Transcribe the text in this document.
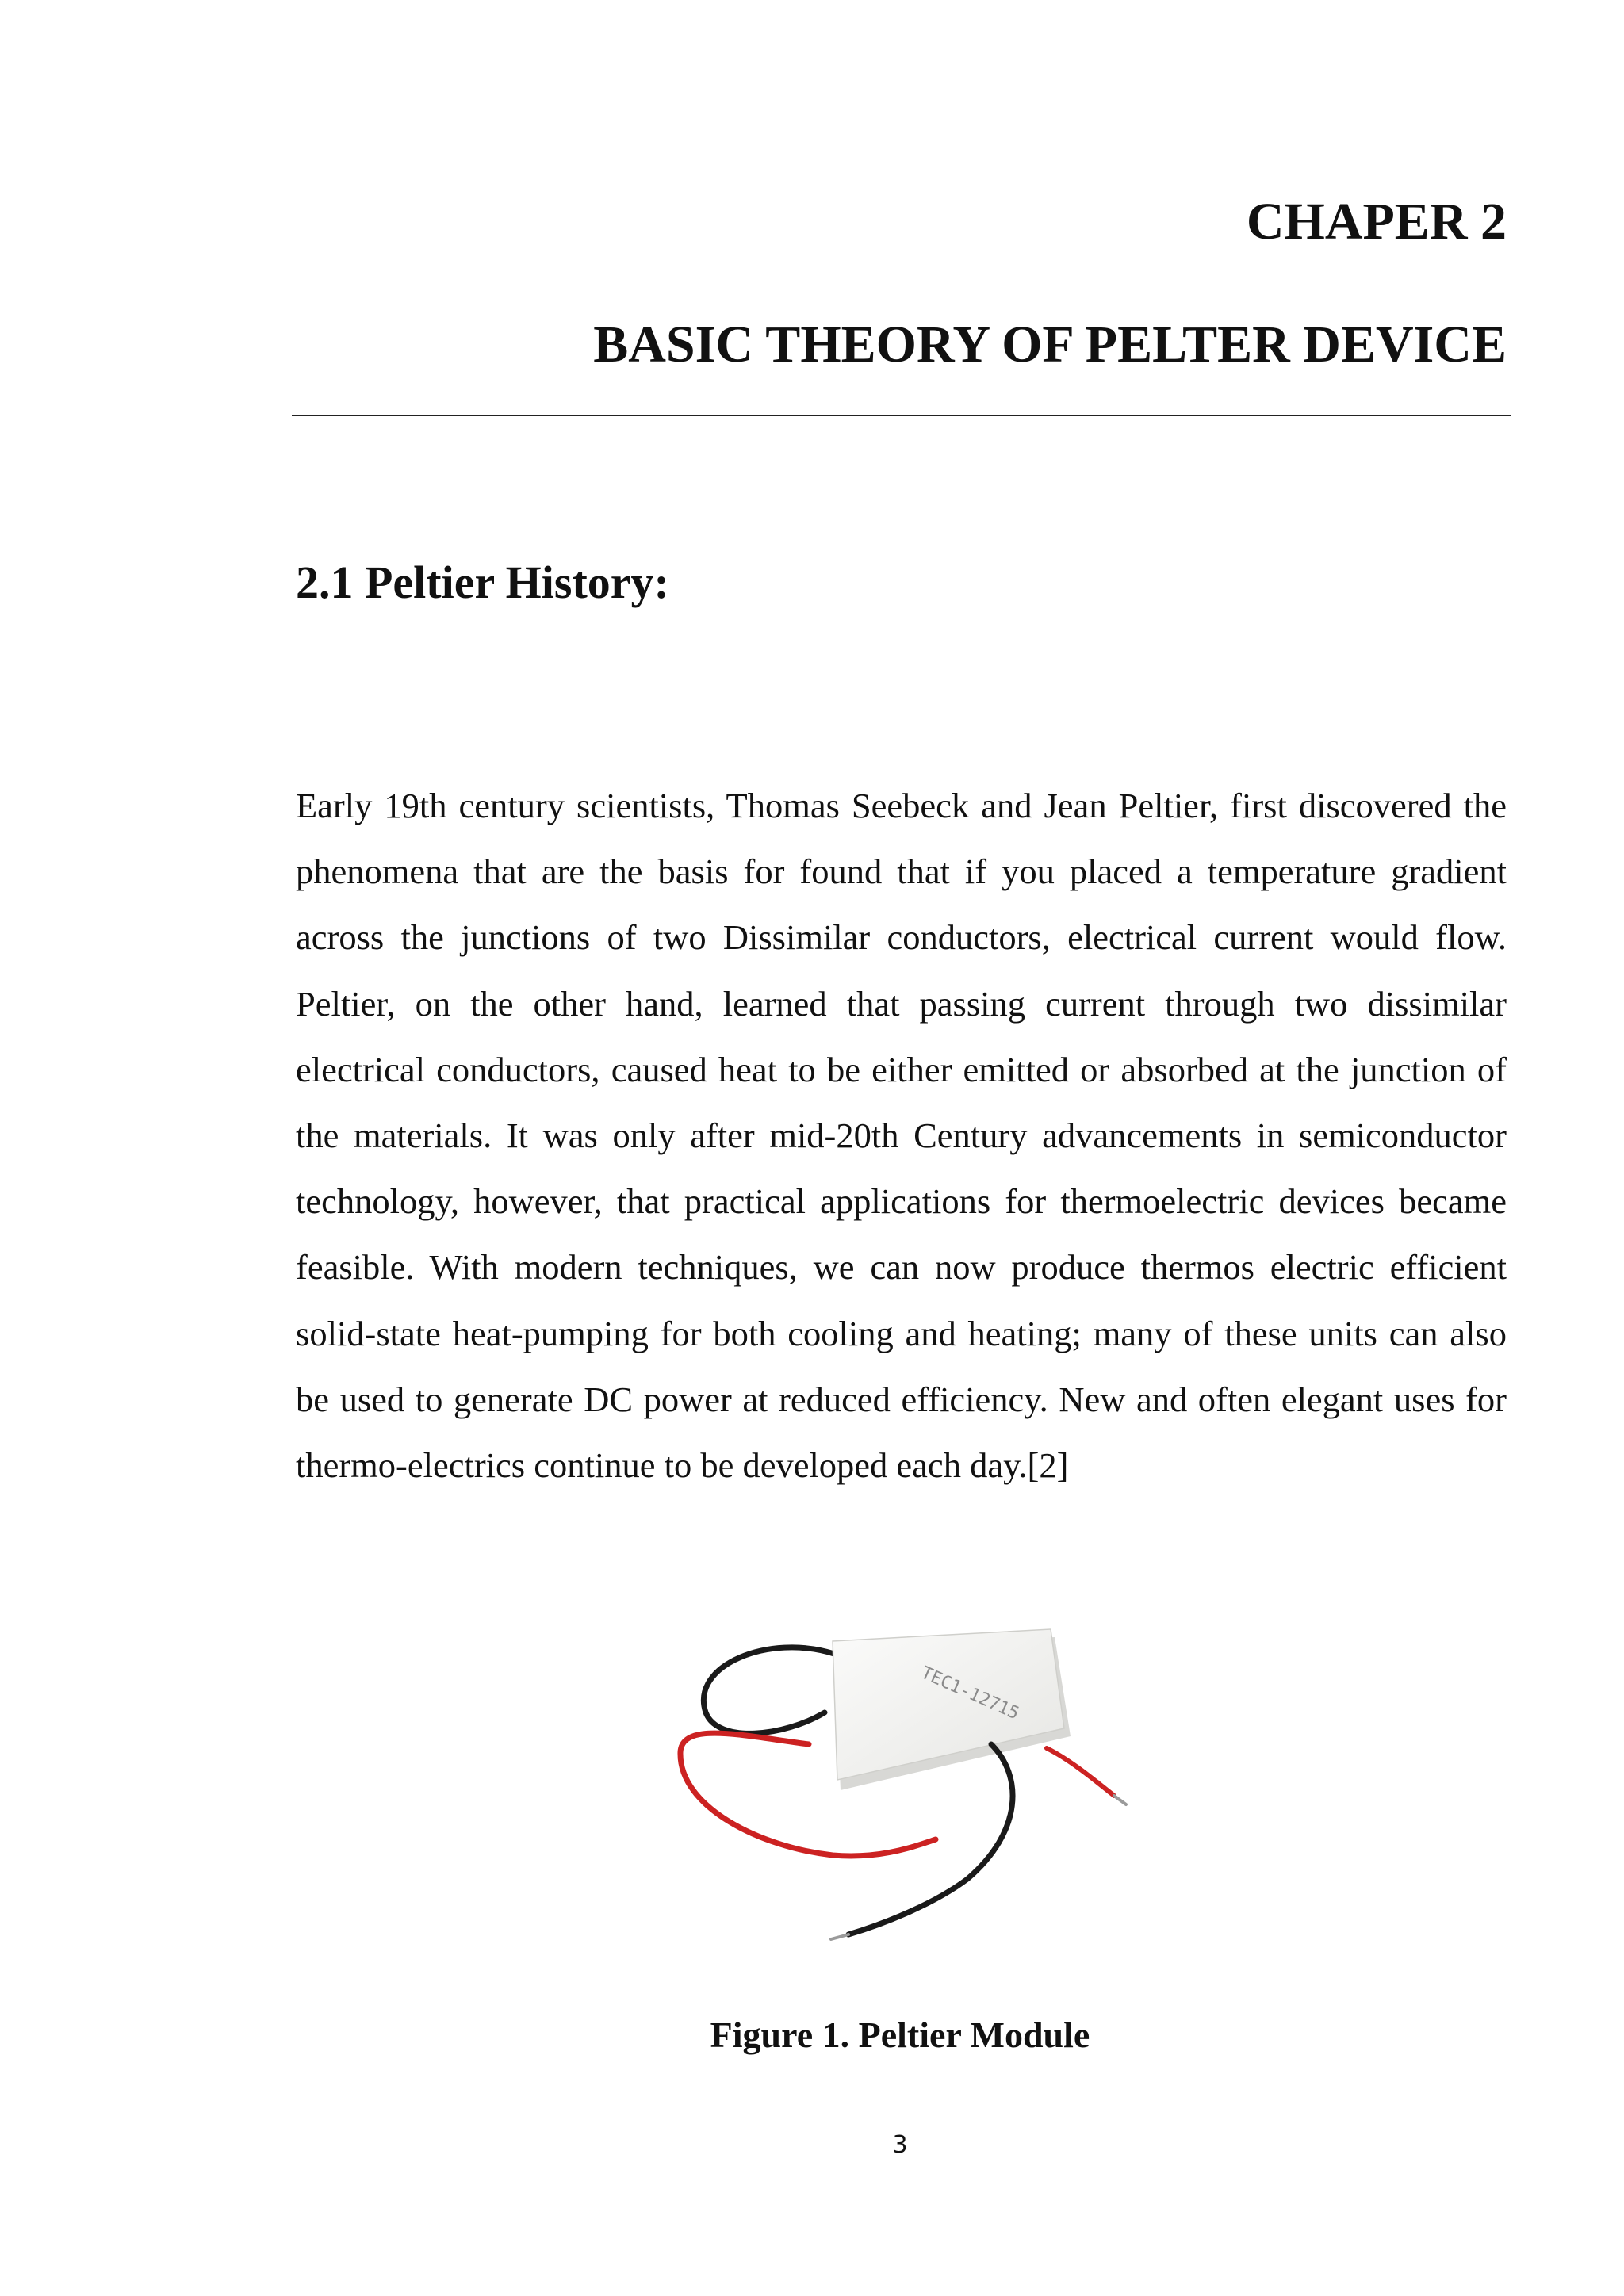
CHAPER 2
BASIC THEORY OF PELTER DEVICE
2.1 Peltier History:

Early 19th century scientists, Thomas Seebeck and Jean Peltier, first discovered the phenomena that are the basis for found that if you placed a temperature gradient across the junctions of two Dissimilar conductors, electrical current would flow. Peltier, on the other hand, learned that passing current through two dissimilar electrical conductors, caused heat to be either emitted or absorbed at the junction of the materials. It was only after mid-20th Century advancements in semiconductor technology, however, that practical applications for thermoelectric devices became feasible. With modern techniques, we can now produce thermos electric efficient solid-state heat-pumping for both cooling and heating; many of these units can also be used to generate DC power at reduced efficiency. New and often elegant uses for thermo-electrics continue to be developed each day.[2]

TEC1-12715

Figure 1. Peltier Module

3
